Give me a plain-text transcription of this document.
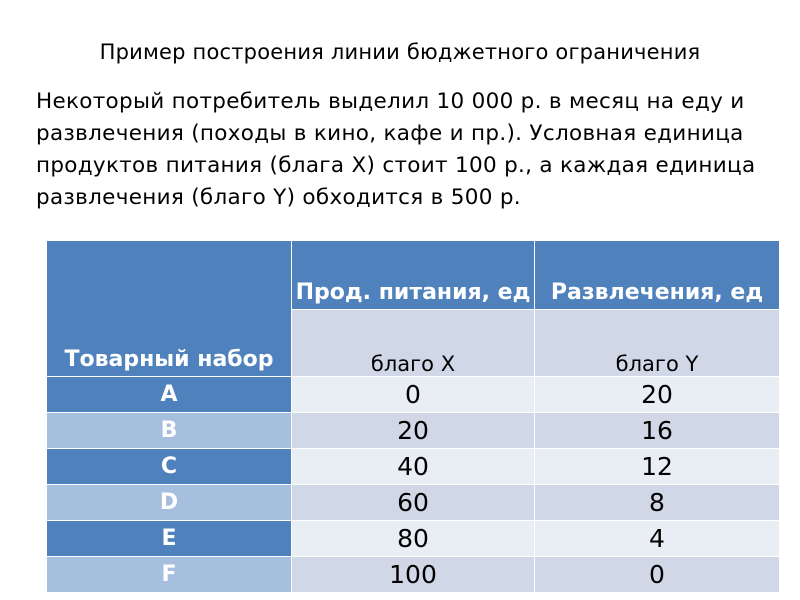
Пример построения линии бюджетного ограничения
Некоторый потребитель выделил 10 000 р. в месяц на еду и развлечения (походы в кино, кафе и пр.). Условная единица продуктов питания (блага X) стоит 100 р., а каждая единица развлечения (благо Y) обходится в 500 р.
Товарный набор	Прод. питания, ед	Развлечения, ед
	благо X	благо Y
A	0	20
B	20	16
C	40	12
D	60	8
E	80	4
F	100	0
